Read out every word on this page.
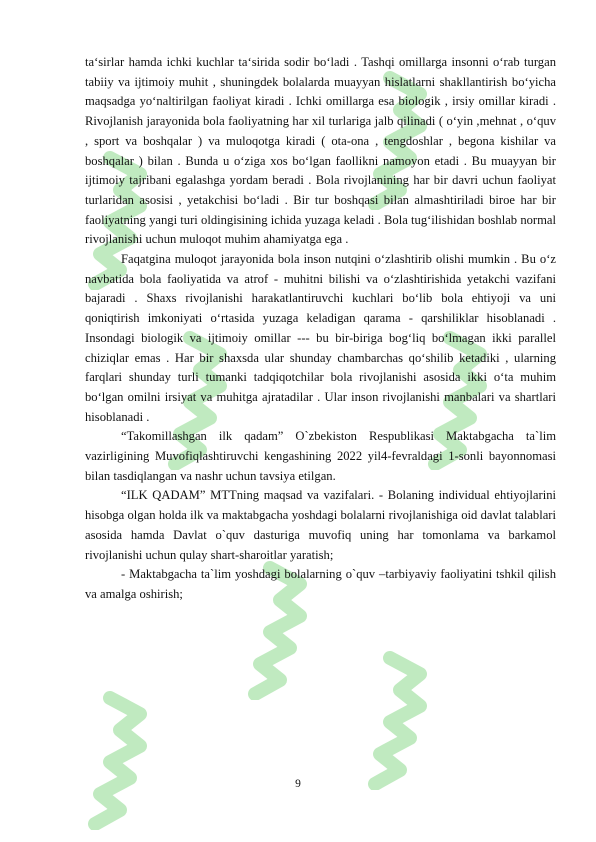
ta‘sirlar hamda ichki kuchlar ta‘sirida sodir bo‘ladi . Tashqi omillarga insonni o‘rab turgan tabiiy va ijtimoiy muhit , shuningdek bolalarda muayyan hislatlarni shakllantirish bo‘yicha maqsadga yo‘naltirilgan faoliyat kiradi . Ichki omillarga esa biologik , irsiy omillar kiradi . Rivojlanish jarayonida bola faoliyatning har xil turlariga jalb qilinadi ( o‘yin ,mehnat , o‘quv , sport va boshqalar ) va muloqotga kiradi ( ota-ona , tengdoshlar , begona kishilar va boshqalar ) bilan . Bunda u o‘ziga xos bo‘lgan faollikni namoyon etadi . Bu muayyan bir ijtimoiy tajribani egalashga yordam beradi . Bola rivojlanining har bir davri uchun faoliyat turlaridan asosisi , yetakchisi bo‘ladi . Bir tur boshqasi bilan almashtiriladi biroe har bir faoliyatning yangi turi oldingisining ichida yuzaga keladi . Bola tug‘ilishidan boshlab normal rivojlanishi uchun muloqot muhim ahamiyatga ega .

Faqatgina muloqot jarayonida bola inson nutqini o‘zlashtirib olishi mumkin . Bu o‘z navbatida bola faoliyatida va atrof - muhitni bilishi va o‘zlashtirishida yetakchi vazifani bajaradi . Shaxs rivojlanishi harakatlantiruvchi kuchlari bo‘lib bola ehtiyoji va uni qoniqtirish imkoniyati o‘rtasida yuzaga keladigan qarama - qarshiliklar hisoblanadi . Insondagi biologik va ijtimoiy omillar --- bu bir-biriga bog‘liq bo‘lmagan ikki parallel chiziqlar emas . Har bir shaxsda ular shunday chambarchas qo‘shilib ketadiki , ularning farqlari shunday turli tumanki tadqiqotchilar bola rivojlanishi asosida ikki o‘ta muhim bo‘lgan omilni irsiyat va muhitga ajratadilar . Ular inson rivojlanishi manbalari va shartlari hisoblanadi .

“Takomillashgan ilk qadam” O`zbekiston Respublikasi Maktabgacha ta`lim vazirligining Muvofiqlashtiruvchi kengashining 2022 yil4-fevraldagi 1-sonli bayonnomasi bilan tasdiqlangan va nashr uchun tavsiya etilgan.

“ILK QADAM” MTTning maqsad va vazifalari. - Bolaning individual ehtiyojlarini hisobga olgan holda ilk va maktabgacha yoshdagi bolalarni rivojlanishiga oid davlat talablari asosida hamda Davlat o`quv dasturiga muvofiq uning har tomonlama va barkamol rivojlanishi uchun qulay shart-sharoitlar yaratish;

- Maktabgacha ta`lim yoshdagi bolalarning o`quv –tarbiyaviy faoliyatini tshkil qilish va amalga oshirish;

9
